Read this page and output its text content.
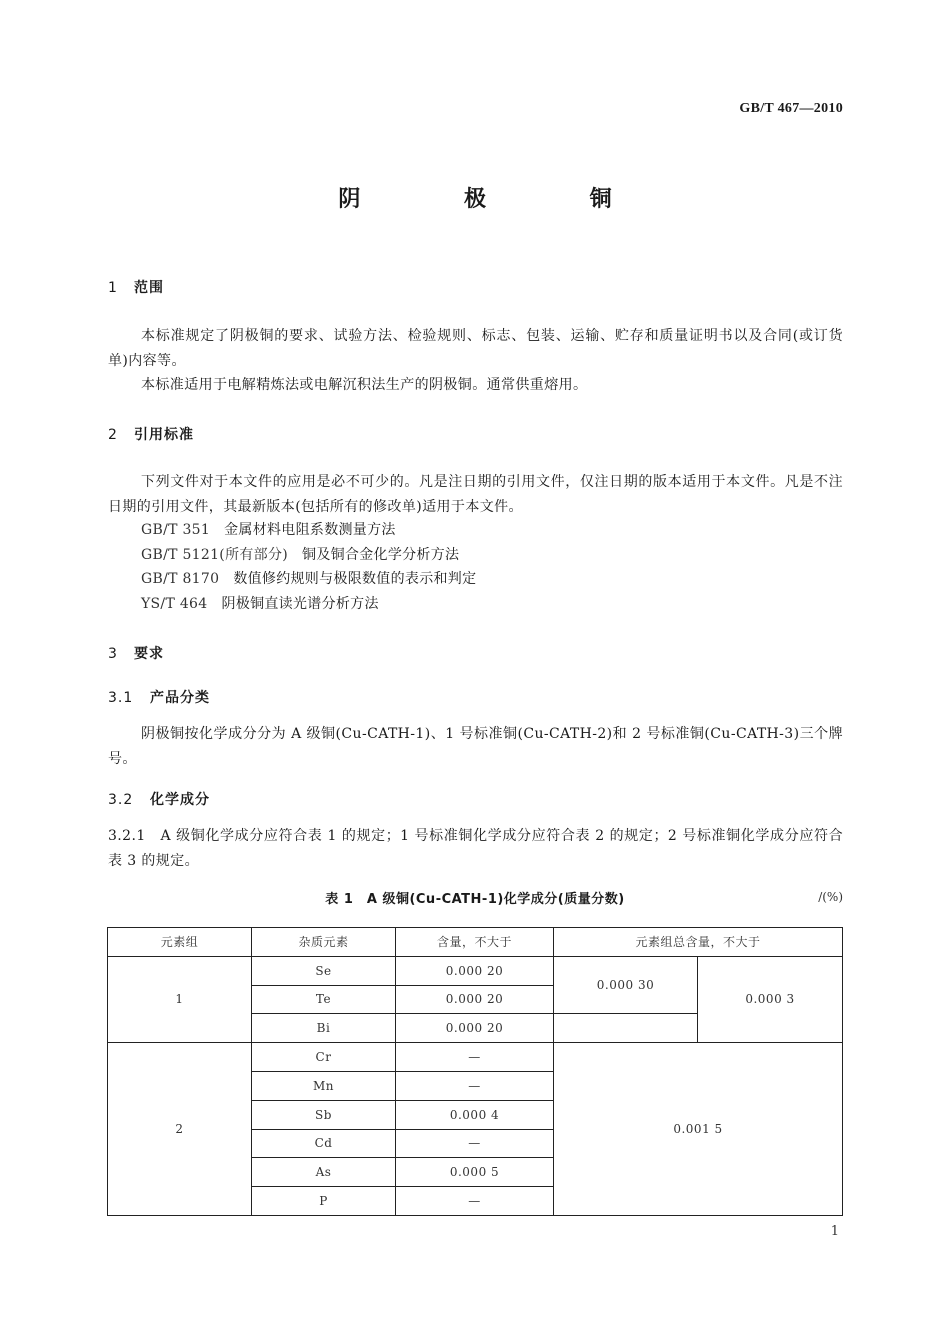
GB/T 467—2010
阴 极 铜
1 范围
本标准规定了阴极铜的要求、试验方法、检验规则、标志、包装、运输、贮存和质量证明书以及合同(或订货单)内容等。
本标准适用于电解精炼法或电解沉积法生产的阴极铜。通常供重熔用。
2 引用标准
下列文件对于本文件的应用是必不可少的。凡是注日期的引用文件，仅注日期的版本适用于本文件。凡是不注日期的引用文件，其最新版本(包括所有的修改单)适用于本文件。
GB/T 351 金属材料电阻系数测量方法
GB/T 5121(所有部分) 铜及铜合金化学分析方法
GB/T 8170 数值修约规则与极限数值的表示和判定
YS/T 464 阴极铜直读光谱分析方法
3 要求
3.1 产品分类
阴极铜按化学成分分为 A 级铜(Cu-CATH-1)、1 号标准铜(Cu-CATH-2)和 2 号标准铜(Cu-CATH-3)三个牌号。
3.2 化学成分
3.2.1　A 级铜化学成分应符合表 1 的规定；1 号标准铜化学成分应符合表 2 的规定；2 号标准铜化学成分应符合表 3 的规定。
表 1　A 级铜(Cu-CATH-1)化学成分(质量分数)	/(%)
元素组	杂质元素	含量，不大于	元素组总含量，不大于	
1	Se	0.000 20	0.000 30	0.000 3
	Te	0.000 20		
	Bi	0.000 20		
2	Cr	—	0.001 5	
	Mn	—		
	Sb	0.000 4		
	Cd	—		
	As	0.000 5		
	P	—		
1
